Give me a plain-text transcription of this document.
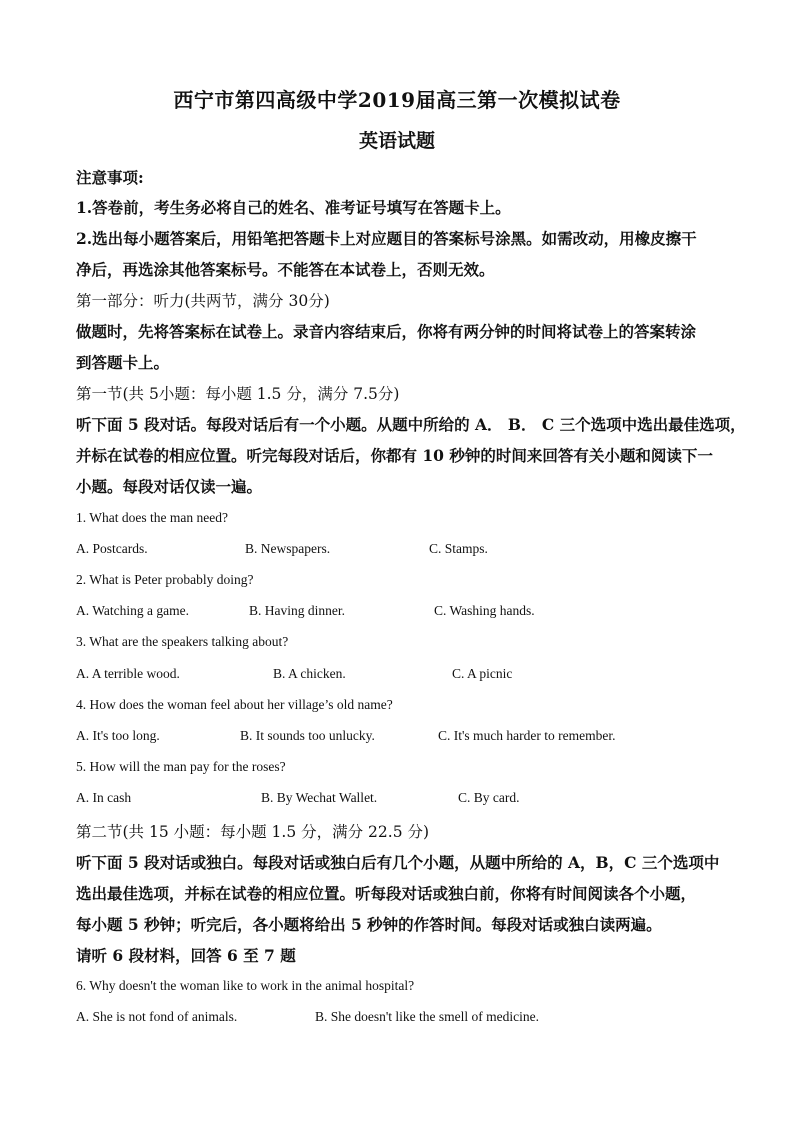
西宁市第四高级中学2019届高三第一次模拟试卷
英语试题
注意事项:
1.答卷前，考生务必将自己的姓名、准考证号填写在答题卡上。
2.选出每小题答案后，用铅笔把答题卡上对应题目的答案标号涂黑。如需改动，用橡皮擦干
净后，再选涂其他答案标号。不能答在本试卷上，否则无效。
第一部分：听力(共两节，满分 30分)
做题时，先将答案标在试卷上。录音内容结束后，你将有两分钟的时间将试卷上的答案转涂
到答题卡上。
第一节(共 5小题：每小题 1.5 分，满分 7.5分)
听下面 5 段对话。每段对话后有一个小题。从题中所给的 A． B． C 三个选项中选出最佳选项，
并标在试卷的相应位置。听完每段对话后，你都有 10 秒钟的时间来回答有关小题和阅读下一
小题。每段对话仅读一遍。
1. What does the man need?
A. Postcards.	B. Newspapers.	C. Stamps.
2. What is Peter probably doing?
A. Watching a game.	B. Having dinner.	C. Washing hands.
3. What are the speakers talking about?
A. A terrible wood.	B. A chicken.	C. A picnic
4. How does the woman feel about her village’s old name?
A. It's too long.	B. It sounds too unlucky.	C. It's much harder to remember.
5. How will the man pay for the roses?
A. In cash	B. By Wechat Wallet.	C. By card.
第二节(共 15 小题：每小题 1.5 分，满分 22.5 分)
听下面 5 段对话或独白。每段对话或独白后有几个小题，从题中所给的 A，B，C 三个选项中
选出最佳选项，并标在试卷的相应位置。听每段对话或独白前，你将有时间阅读各个小题，
每小题 5 秒钟；听完后，各小题将给出 5 秒钟的作答时间。每段对话或独白读两遍。
请听 6 段材料，回答 6 至 7 题
6. Why doesn't the woman like to work in the animal hospital?
A. She is not fond of animals.	B. She doesn't like the smell of medicine.
